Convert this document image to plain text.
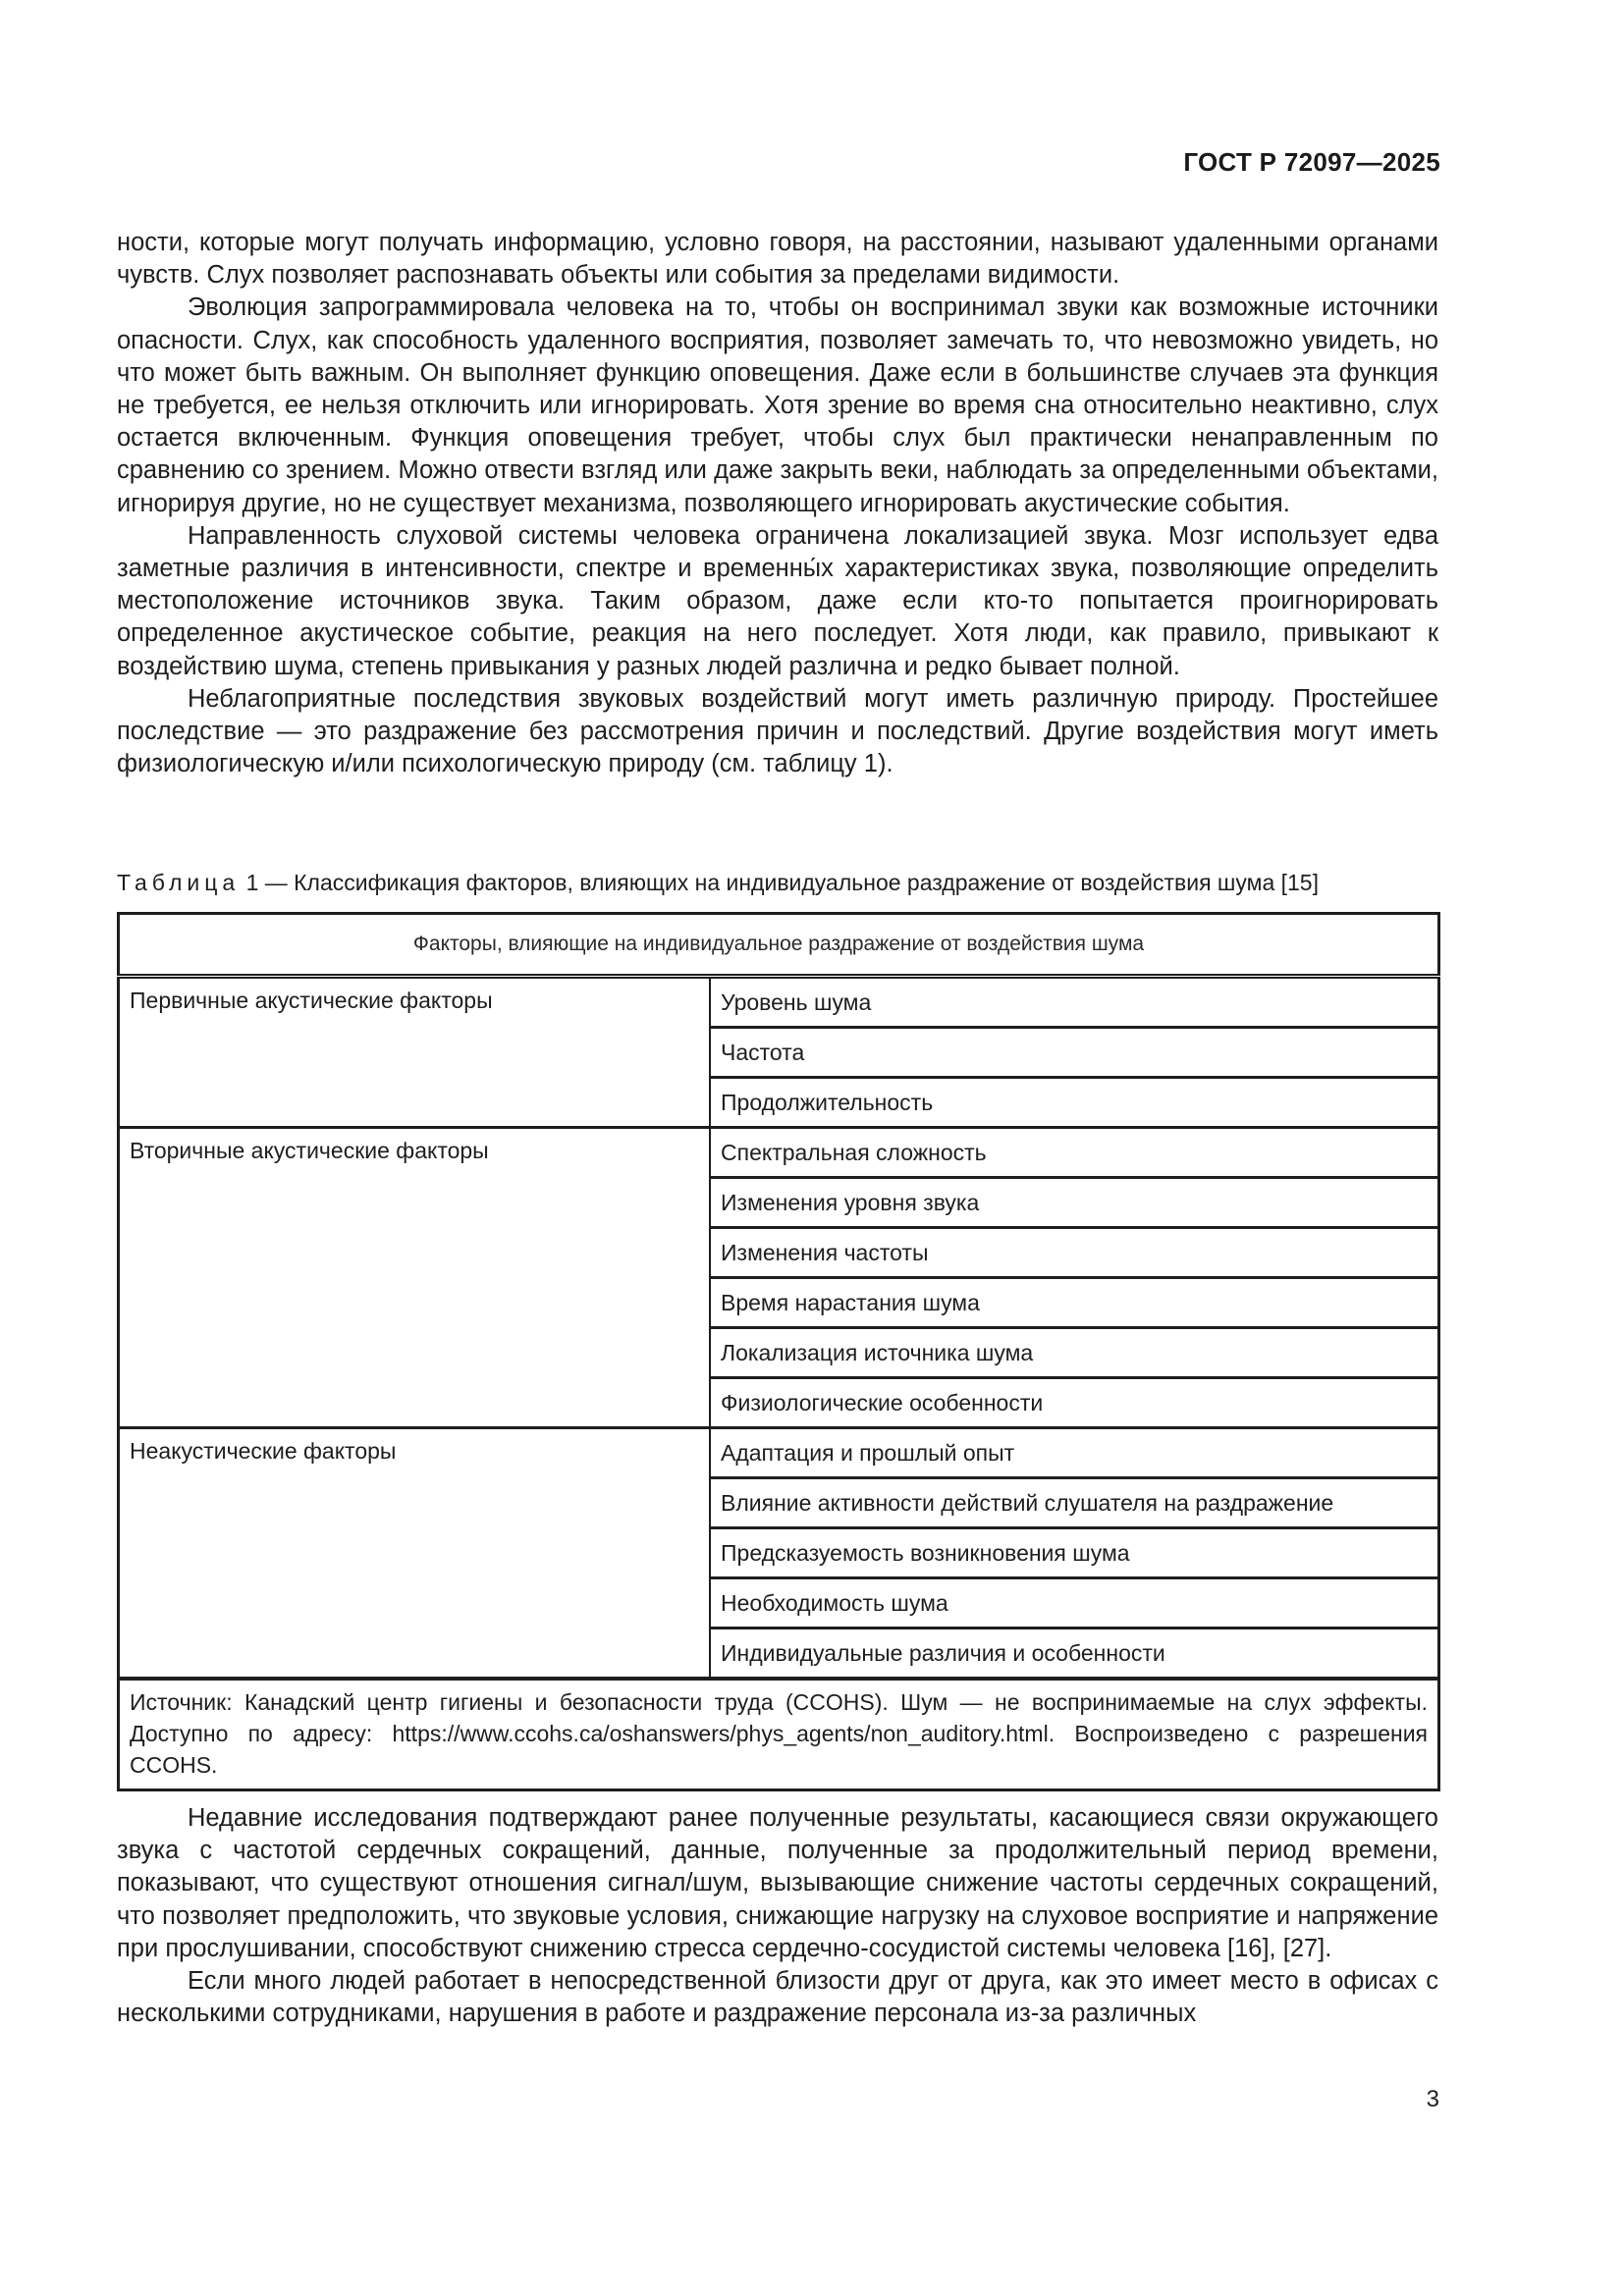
ГОСТ Р 72097—2025

ности, которые могут получать информацию, условно говоря, на расстоянии, называют удаленными органами чувств. Слух позволяет распознавать объекты или события за пределами видимости.

Эволюция запрограммировала человека на то, чтобы он воспринимал звуки как возможные источники опасности. Слух, как способность удаленного восприятия, позволяет замечать то, что невозможно увидеть, но что может быть важным. Он выполняет функцию оповещения. Даже если в большинстве случаев эта функция не требуется, ее нельзя отключить или игнорировать. Хотя зрение во время сна относительно неактивно, слух остается включенным. Функция оповещения требует, чтобы слух был практически ненаправленным по сравнению со зрением. Можно отвести взгляд или даже закрыть веки, наблюдать за определенными объектами, игнорируя другие, но не существует механизма, позволяющего игнорировать акустические события.

Направленность слуховой системы человека ограничена локализацией звука. Мозг использует едва заметные различия в интенсивности, спектре и временны́х характеристиках звука, позволяющие определить местоположение источников звука. Таким образом, даже если кто-то попытается проигнорировать определенное акустическое событие, реакция на него последует. Хотя люди, как правило, привыкают к воздействию шума, степень привыкания у разных людей различна и редко бывает полной.

Неблагоприятные последствия звуковых воздействий могут иметь различную природу. Простейшее последствие — это раздражение без рассмотрения причин и последствий. Другие воздействия могут иметь физиологическую и/или психологическую природу (см. таблицу 1).

Таблица 1 — Классификация факторов, влияющих на индивидуальное раздражение от воздействия шума [15]
Факторы, влияющие на индивидуальное раздражение от воздействия шума	
Первичные акустические факторы	Уровень шума
	Частота
	Продолжительность
Вторичные акустические факторы	Спектральная сложность
	Изменения уровня звука
	Изменения частоты
	Время нарастания шума
	Локализация источника шума
	Физиологические особенности
Неакустические факторы	Адаптация и прошлый опыт
	Влияние активности действий слушателя на раздражение
	Предсказуемость возникновения шума
	Необходимость шума
	Индивидуальные различия и особенности
Источник: Канадский центр гигиены и безопасности труда (CCOHS). Шум — не воспринимаемые на слух эффекты. Доступно по адресу: https://www.ccohs.ca/oshanswers/phys_agents/non_auditory.html. Воспроизведено с разрешения CCOHS.	

Недавние исследования подтверждают ранее полученные результаты, касающиеся связи окружающего звука с частотой сердечных сокращений, данные, полученные за продолжительный период времени, показывают, что существуют отношения сигнал/шум, вызывающие снижение частоты сердечных сокращений, что позволяет предположить, что звуковые условия, снижающие нагрузку на слуховое восприятие и напряжение при прослушивании, способствуют снижению стресса сердечно-сосудистой системы человека [16], [27].

Если много людей работает в непосредственной близости друг от друга, как это имеет место в офисах с несколькими сотрудниками, нарушения в работе и раздражение персонала из-за различных

3
